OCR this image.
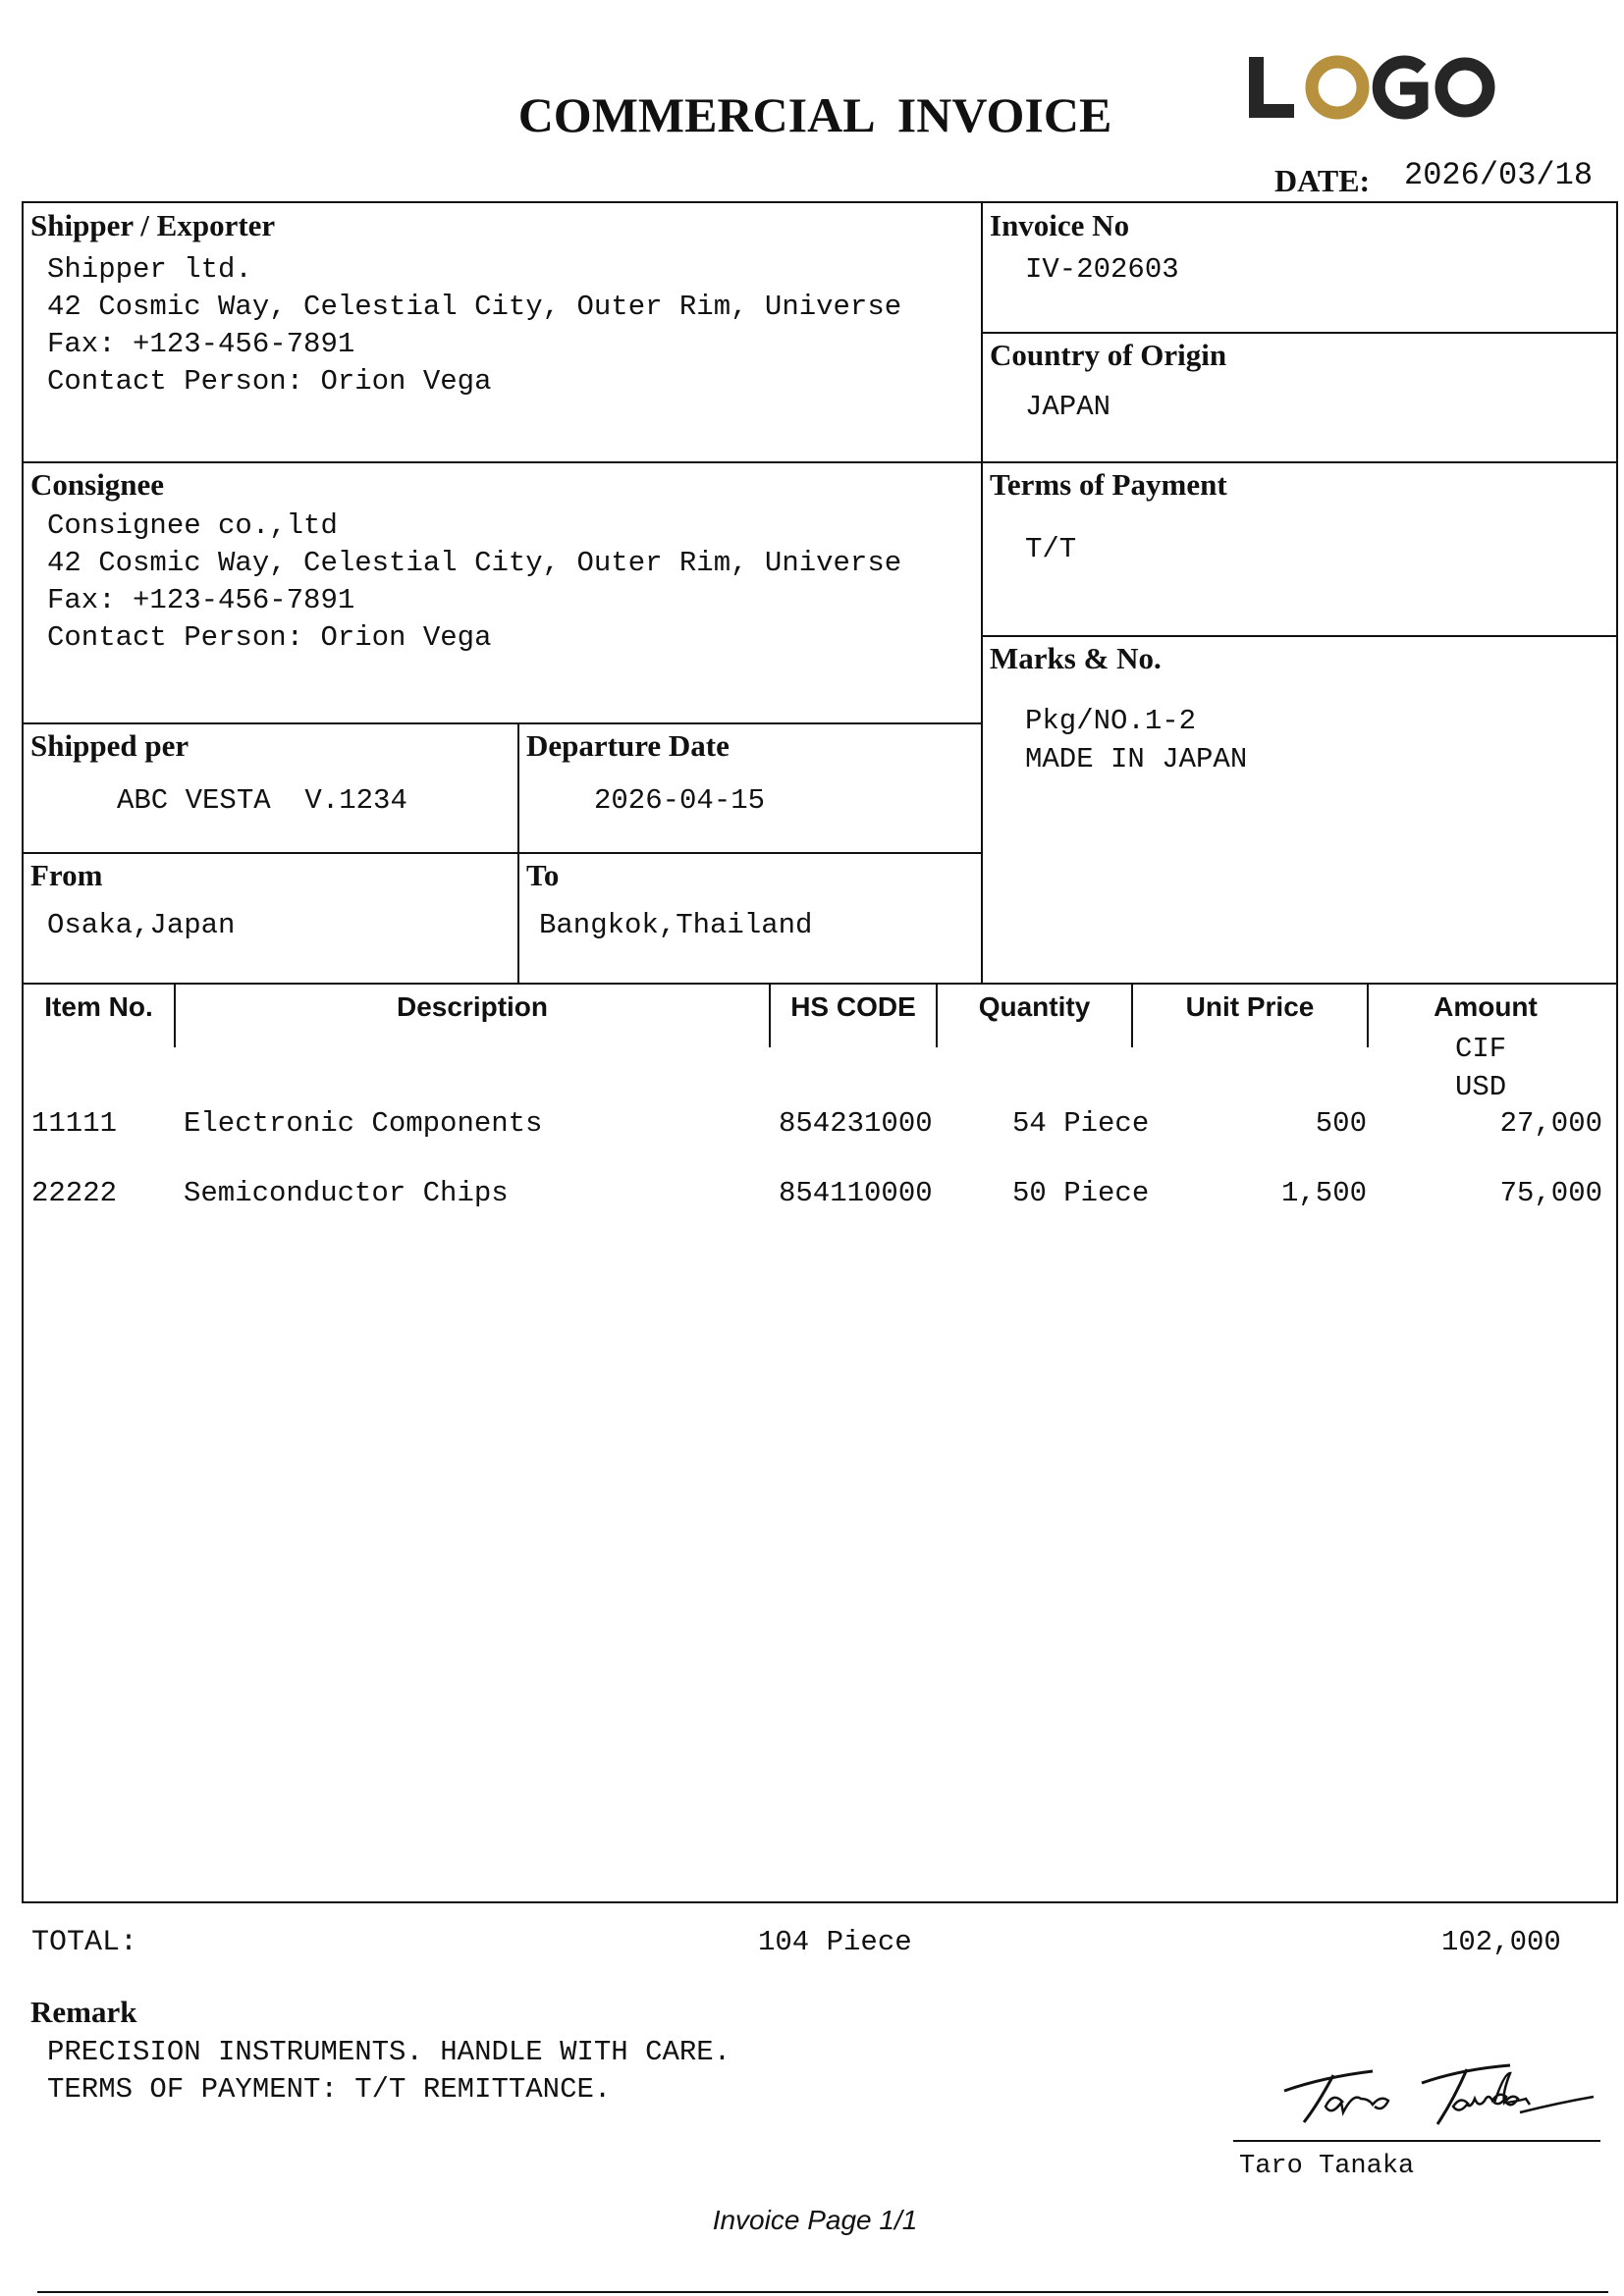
COMMERCIAL  INVOICE
DATE: 2026/03/18
Shipper / Exporter
Shipper ltd.
42 Cosmic Way, Celestial City, Outer Rim, Universe
Fax: +123-456-7891
Contact Person: Orion Vega
Invoice No
IV-202603
Country of Origin
JAPAN
Consignee
Consignee co.,ltd
42 Cosmic Way, Celestial City, Outer Rim, Universe
Fax: +123-456-7891
Contact Person: Orion Vega
Terms of Payment
T/T
Marks & No.
Pkg/NO.1-2
MADE IN JAPAN
Shipped per
ABC VESTA  V.1234
Departure Date
2026-04-15
From
Osaka,Japan
To
Bangkok,Thailand
Item No.	Description	HS CODE	Quantity	Unit Price	Amount
CIF
USD
11111 Electronic Components	854231000	54 Piece	500	27,000
22222 Semiconductor Chips	854110000	50 Piece	1,500	75,000
TOTAL:	104 Piece	102,000
Remark
PRECISION INSTRUMENTS. HANDLE WITH CARE.
TERMS OF PAYMENT: T/T REMITTANCE.
Taro Tanaka
Invoice Page 1/1
